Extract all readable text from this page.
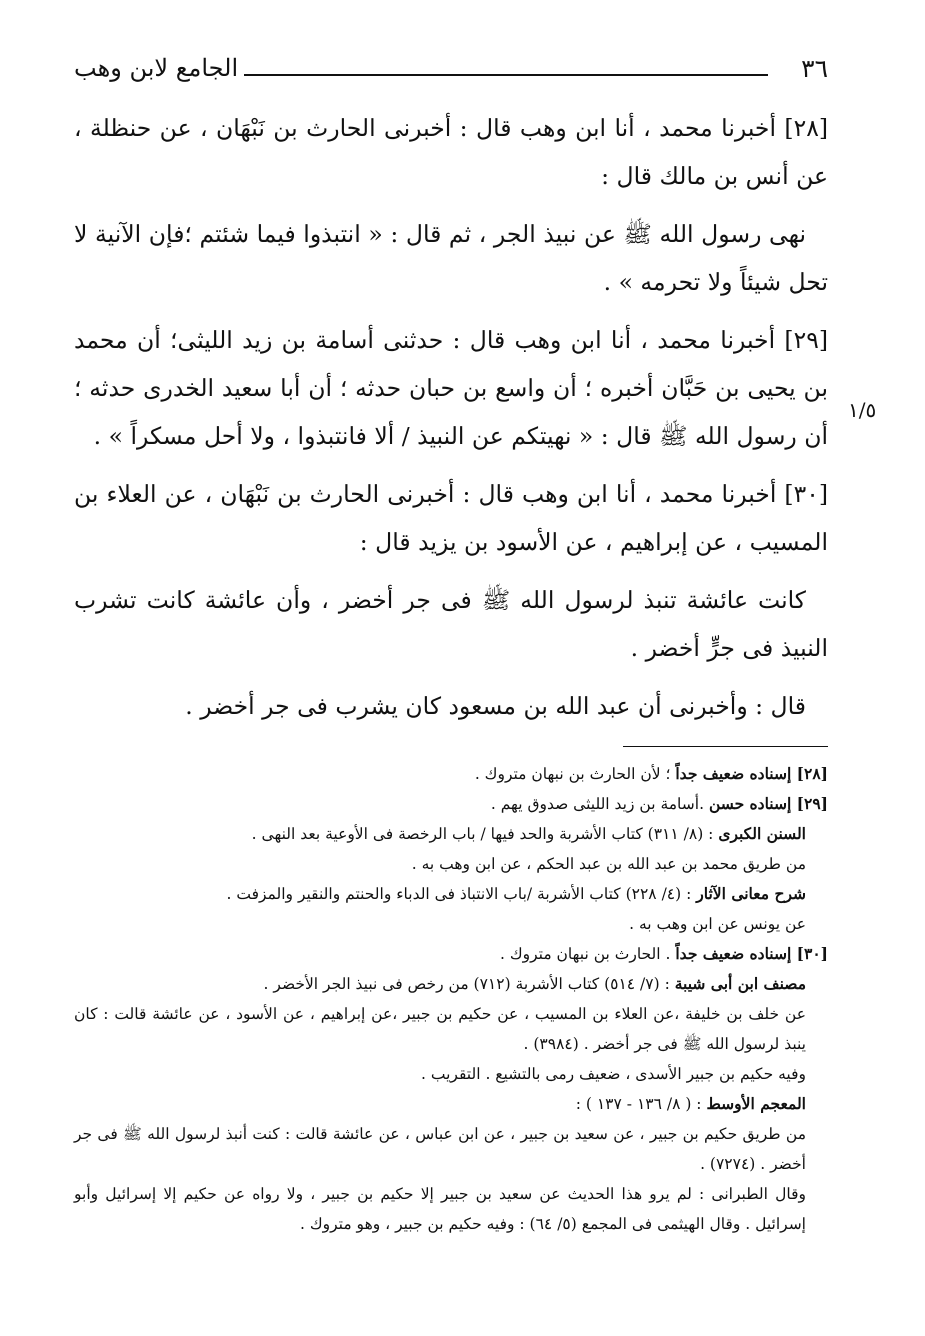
٣٦
الجامع لابن وهب

[٢٨] أخبرنا محمد ، أنا ابن وهب قال : أخبرنى الحارث بن نَبْهَان ، عن حنظلة ، عن أنس بن مالك قال :

نهى رسول الله ﷺ عن نبيذ الجر ، ثم قال : « انتبذوا فيما شئتم ؛فإن الآنية لا تحل شيئاً ولا تحرمه » .

[٢٩] أخبرنا محمد ، أنا ابن وهب قال : حدثنى أسامة بن زيد الليثى؛ أن محمد بن يحيى بن حَبَّان أخبره ؛ أن واسع بن حبان حدثه ؛ أن أبا سعيد الخدرى حدثه ؛ أن رسول الله ﷺ قال : « نهيتكم عن النبيذ / ألا فانتبذوا ، ولا أحل مسكراً » .

[٣٠] أخبرنا محمد ، أنا ابن وهب قال : أخبرنى الحارث بن نَبْهَان ، عن العلاء بن المسيب ، عن إبراهيم ، عن الأسود بن يزيد قال :

كانت عائشة تنبذ لرسول الله ﷺ فى جر أخضر ، وأن عائشة كانت تشرب النبيذ فى جرٍّ أخضر .

قال : وأخبرنى أن عبد الله بن مسعود كان يشرب فى جر أخضر .

١/٥

[٢٨] إسناده ضعيف جداً ؛ لأن الحارث بن نبهان متروك .

[٢٩] إسناده حسن .أسامة بن زيد الليثى صدوق يهم .

السنن الكبرى : (٨/ ٣١١) كتاب الأشربة والحد فيها / باب الرخصة فى الأوعية بعد النهى .

من طريق محمد بن عبد الله بن عبد الحكم ، عن ابن وهب به .

شرح معانى الآثار : (٤/ ٢٢٨) كتاب الأشربة /باب الانتباذ فى الدباء والحنتم والنقير والمزفت .

عن يونس عن ابن وهب به .

[٣٠] إسناده ضعيف جداً . الحارث بن نبهان متروك .

مصنف ابن أبى شيبة : (٧/ ٥١٤) كتاب الأشربة (٧١٢) من رخص فى نبيذ الجر الأخضر .

عن خلف بن خليفة ،عن العلاء بن المسيب ، عن حكيم بن جبير ،عن إبراهيم ، عن الأسود ، عن عائشة قالت : كان ينبذ لرسول الله ﷺ فى جر أخضر . (٣٩٨٤) .

وفيه حكيم بن جبير الأسدى ، ضعيف رمى بالتشيع . التقريب .

المعجم الأوسط : ( ٨/ ١٣٦ - ١٣٧ ) :

من طريق حكيم بن جبير ، عن سعيد بن جبير ، عن ابن عباس ، عن عائشة قالت : كنت أنبذ لرسول الله ﷺ فى جر أخضر . (٧٢٧٤) .

وقال الطبرانى : لم يرو هذا الحديث عن سعيد بن جبير إلا حكيم بن جبير ، ولا رواه عن حكيم إلا إسرائيل وأبو إسرائيل . وقال الهيثمى فى المجمع (٥/ ٦٤) : وفيه حكيم بن جبير ، وهو متروك .
